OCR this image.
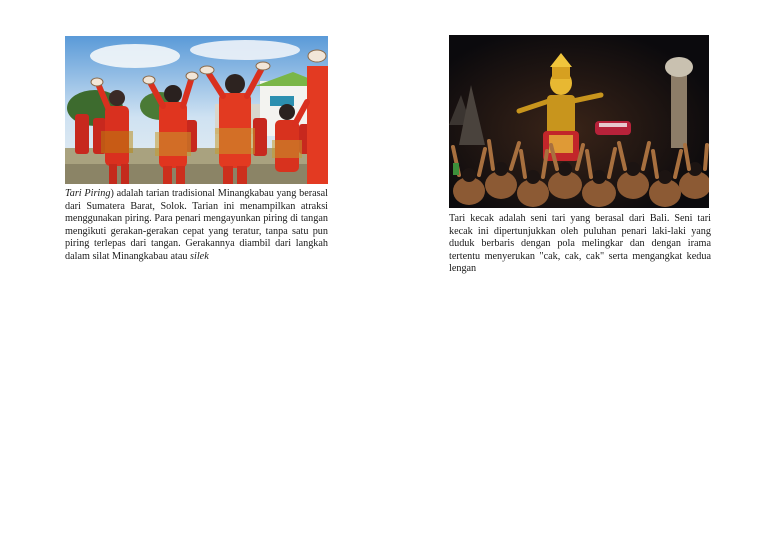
Tari Piring) adalah tarian tradisional Minangkabau yang berasal dari Sumatera Barat, Solok. Tarian ini menampilkan atraksi menggunakan piring. Para penari mengayunkan piring di tangan mengikuti gerakan-gerakan cepat yang teratur, tanpa satu pun piring terlepas dari tangan. Gerakannya diambil dari langkah dalam silat Minangkabau atau silek

Tari kecak adalah seni tari yang berasal dari Bali. Seni tari kecak ini dipertunjukkan oleh puluhan penari laki-laki yang duduk berbaris dengan pola melingkar dan dengan irama tertentu menyerukan "cak, cak, cak" serta mengangkat kedua lengan
